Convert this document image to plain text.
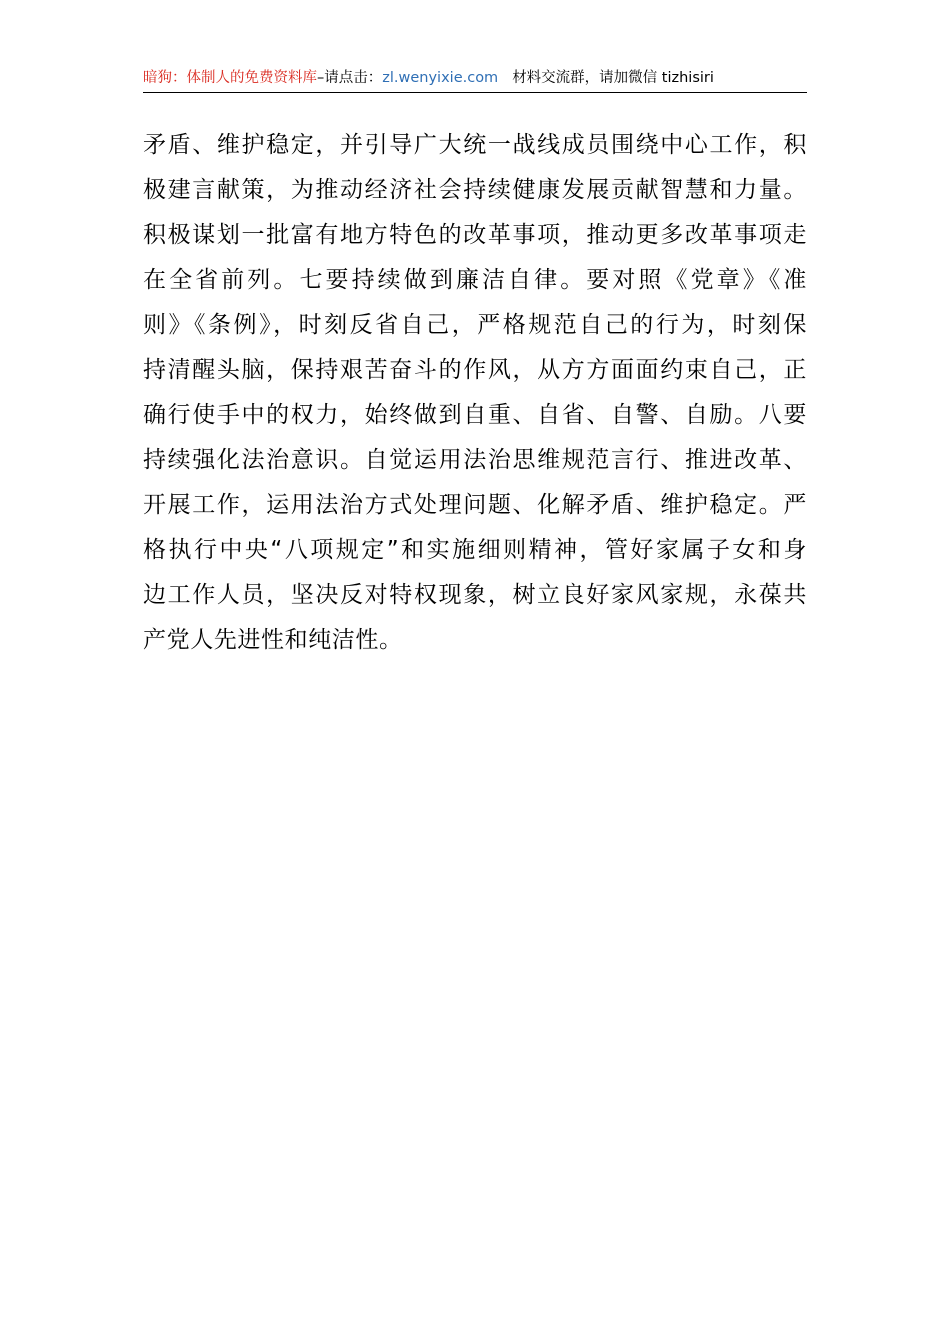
暗狗：体制人的免费资料库–请点击：zl.wenyixie.com 材料交流群，请加微信 tizhisiri
矛盾、维护稳定，并引导广大统一战线成员围绕中心工作，积
极建言献策，为推动经济社会持续健康发展贡献智慧和力量。
积极谋划一批富有地方特色的改革事项，推动更多改革事项走
在全省前列。七要持续做到廉洁自律。要对照《党章》《准
则》《条例》，时刻反省自己，严格规范自己的行为，时刻保
持清醒头脑，保持艰苦奋斗的作风，从方方面面约束自己，正
确行使手中的权力，始终做到自重、自省、自警、自励。八要
持续强化法治意识。自觉运用法治思维规范言行、推进改革、
开展工作，运用法治方式处理问题、化解矛盾、维护稳定。严
格执行中央“八项规定”和实施细则精神，管好家属子女和身
边工作人员，坚决反对特权现象，树立良好家风家规，永葆共
产党人先进性和纯洁性。
